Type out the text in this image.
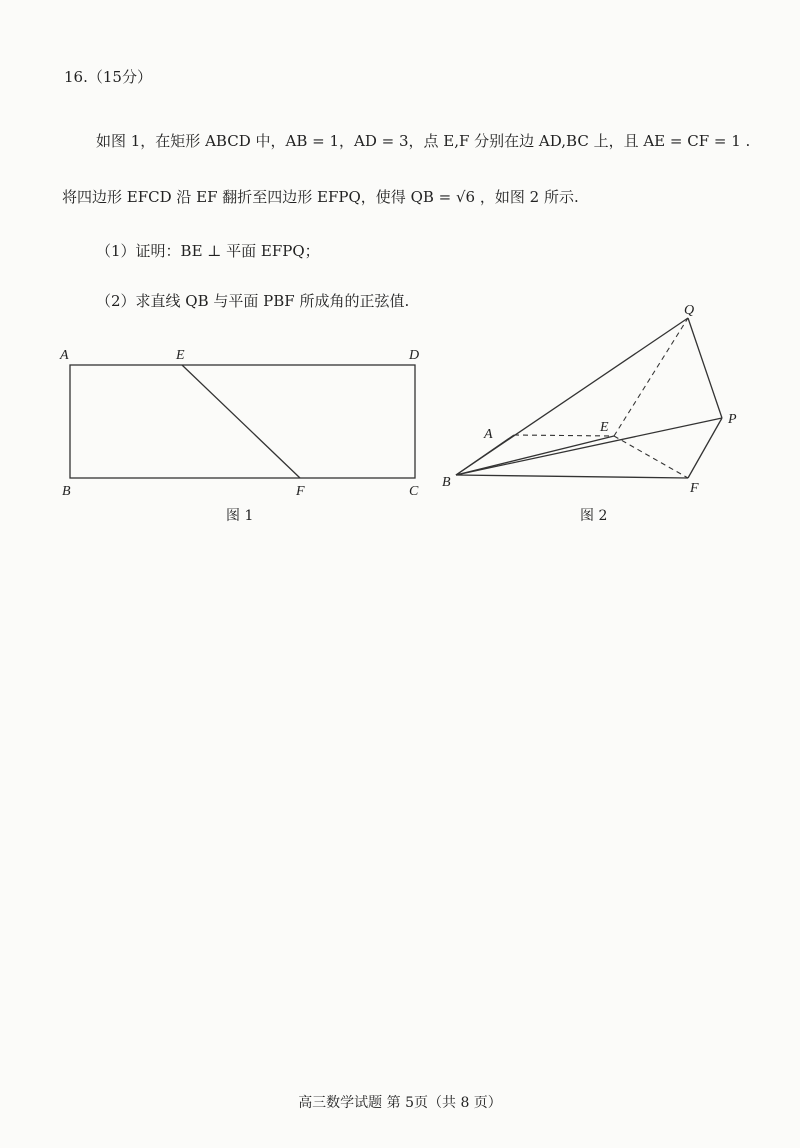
16.（15分）
如图 1，在矩形 ABCD 中，AB = 1，AD = 3，点 E,F 分别在边 AD,BC 上，且 AE = CF = 1 .
将四边形 EFCD 沿 EF 翻折至四边形 EFPQ，使得 QB = √6 ，如图 2 所示.
（1）证明：BE ⊥ 平面 EFPQ；
（2）求直线 QB 与平面 PBF 所成角的正弦值.
A	E	D
B	F	C
图 1
Q
A	E
P
B	F
图 2
高三数学试题 第 5页（共 8 页）
